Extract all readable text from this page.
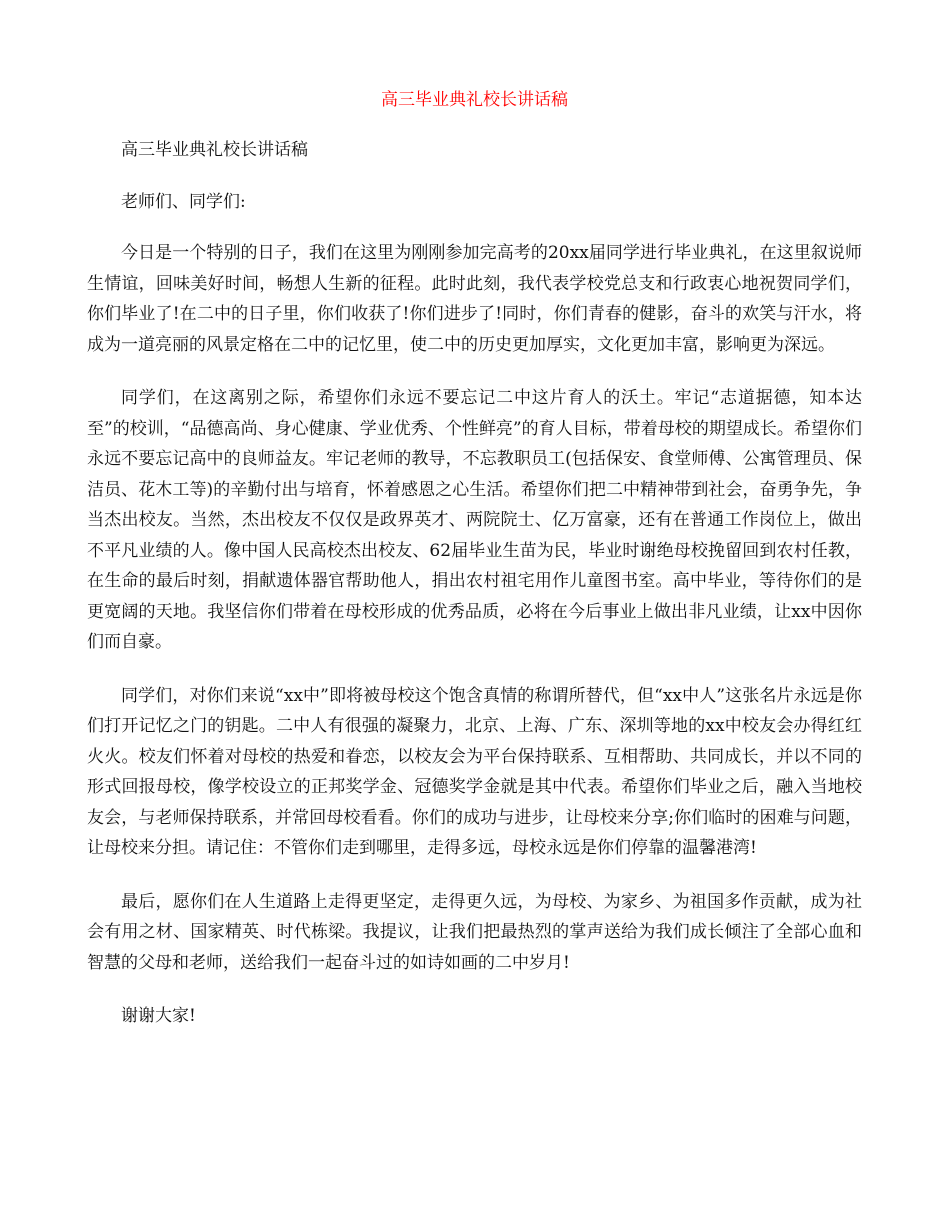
高三毕业典礼校长讲话稿

高三毕业典礼校长讲话稿

老师们、同学们:

今日是一个特别的日子，我们在这里为刚刚参加完高考的20xx届同学进行毕业典礼，在这里叙说师生情谊，回味美好时间，畅想人生新的征程。此时此刻，我代表学校党总支和行政衷心地祝贺同学们，你们毕业了!在二中的日子里，你们收获了!你们进步了!同时，你们青春的健影，奋斗的欢笑与汗水，将成为一道亮丽的风景定格在二中的记忆里，使二中的历史更加厚实，文化更加丰富，影响更为深远。

同学们，在这离别之际，希望你们永远不要忘记二中这片育人的沃土。牢记“志道据德，知本达至”的校训，“品德高尚、身心健康、学业优秀、个性鲜亮”的育人目标，带着母校的期望成长。希望你们永远不要忘记高中的良师益友。牢记老师的教导，不忘教职员工(包括保安、食堂师傅、公寓管理员、保洁员、花木工等)的辛勤付出与培育，怀着感恩之心生活。希望你们把二中精神带到社会，奋勇争先，争当杰出校友。当然，杰出校友不仅仅是政界英才、两院院士、亿万富豪，还有在普通工作岗位上，做出不平凡业绩的人。像中国人民高校杰出校友、62届毕业生苗为民，毕业时谢绝母校挽留回到农村任教，在生命的最后时刻，捐献遗体器官帮助他人，捐出农村祖宅用作儿童图书室。高中毕业，等待你们的是更宽阔的天地。我坚信你们带着在母校形成的优秀品质，必将在今后事业上做出非凡业绩，让xx中因你们而自豪。

同学们，对你们来说“xx中”即将被母校这个饱含真情的称谓所替代，但“xx中人”这张名片永远是你们打开记忆之门的钥匙。二中人有很强的凝聚力，北京、上海、广东、深圳等地的xx中校友会办得红红火火。校友们怀着对母校的热爱和眷恋，以校友会为平台保持联系、互相帮助、共同成长，并以不同的形式回报母校，像学校设立的正邦奖学金、冠德奖学金就是其中代表。希望你们毕业之后，融入当地校友会，与老师保持联系，并常回母校看看。你们的成功与进步，让母校来分享;你们临时的困难与问题，让母校来分担。请记住：不管你们走到哪里，走得多远，母校永远是你们停靠的温馨港湾!

最后，愿你们在人生道路上走得更坚定，走得更久远，为母校、为家乡、为祖国多作贡献，成为社会有用之材、国家精英、时代栋梁。我提议，让我们把最热烈的掌声送给为我们成长倾注了全部心血和智慧的父母和老师，送给我们一起奋斗过的如诗如画的二中岁月!

谢谢大家!
